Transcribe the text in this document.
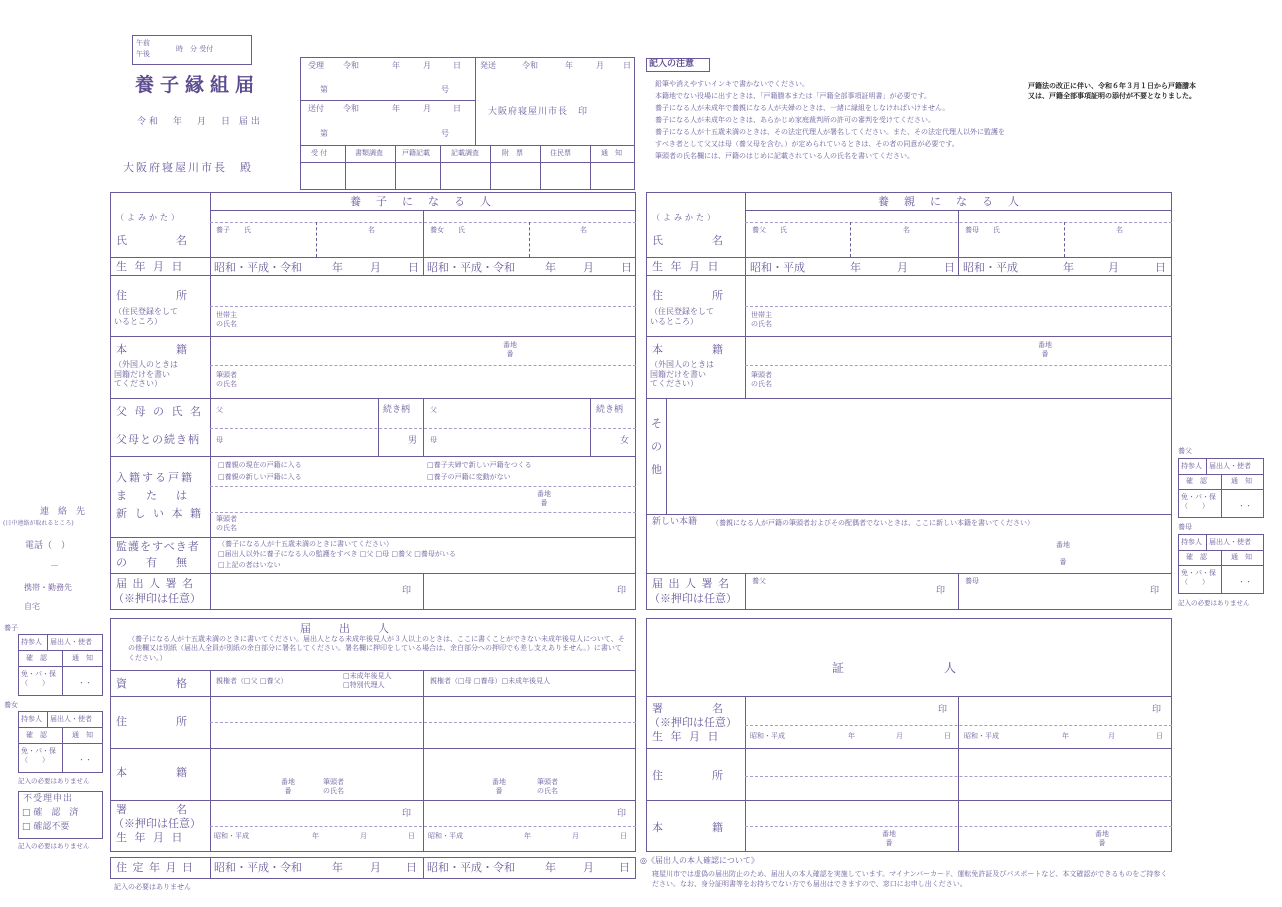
午前
午後
時　分 受付
養子縁組届
令和　年　月　日 届出
大阪府寝屋川市長　殿
受理 令和	年	月	日 発送	令和	年	月 日
第	号
送付 令和	年	月	日	大阪府寝屋川市長　印
第	号
受 付	書類調査	戸籍記載	記載調査	附　票	住民票	通　知
記入の注意
鉛筆や消えやすいインキで書かないでください。
本籍地でない役場に出すときは、「戸籍謄本または「戸籍全部事項証明書」が必要です。
養子になる人が未成年で養親になる人が夫婦のときは、一緒に縁組をしなければいけません。
養子になる人が未成年のときは、あらかじめ家庭裁判所の許可の審判を受けてください。
養子になる人が十五歳未満のときは、その法定代理人が署名してください。また、その法定代理人以外に監護を
すべき者として父又は母（養父母を含む。）が定められているときは、その者の同意が必要です。
筆頭者の氏名欄には、戸籍のはじめに記載されている人の氏名を書いてください。
戸籍法の改正に伴い、令和６年３月１日から戸籍謄本
又は、戸籍全部事項証明の添付が不要となりました。
養　子　に　な　る　人
（よみかた）
氏　　　名
養子　　氏	名	養女　　氏	名
生 年 月 日	昭和・平成・令和	年 月 日 昭和・平成・令和	年 月 日
住　　　所
（住民登録をして
いるところ）
世帯主
の氏名
本　　　籍
（外国人のときは
国籍だけを書い
てください）
番地
番
筆頭者
の氏名
父 母 の 氏 名
父母との続き柄
父	続き柄	父	続き柄
母	男 母	女
入籍する戸籍
ま　た　は
新 し い 本 籍
□養親の現在の戸籍に入る
□養親の新しい戸籍に入る
□養子夫婦で新しい戸籍をつくる
□養子の戸籍に変動がない
番地
番
筆頭者
の氏名
監護をすべき者
の　有　無
（養子になる人が十五歳未満のときに書いてください）
□届出人以外に養子になる人の監護をすべき □父 □母 □養父 □養母がいる
□上記の者はいない
届 出 人 署 名
（※押印は任意）
印	印
養　親　に　な　る　人
（よみかた）
氏　　　名
養父　　氏	名	養母　　氏	名
生 年 月 日	昭和・平成	年	月	日 昭和・平成	年	月	日
住　　　所
（住民登録をして
いるところ）
世帯主
の氏名
本　　　籍
（外国人のときは
国籍だけを書い
てください）
番地
番
筆頭者
の氏名
そ

の

他
新しい本籍 （養親になる人が戸籍の筆頭者およびその配偶者でないときは、ここに新しい本籍を書いてください）
番地

番
届 出 人 署 名
（※押印は任意）
養父	養母
印	印
届　　出　　人
（養子になる人が十五歳未満のときに書いてください。届出人となる未成年後見人が３人以上のときは、ここに書くことができない未成年後見人について、その他欄又は別紙（届出人全員が別紙の余白部分に署名してください。署名欄に押印をしている場合は、余白部分への押印でも差し支えありません。）に書いてください。）
資　　　格	親権者（□父 □養父）
□未成年後見人
□特別代理人
親権者（□母 □養母）□未成年後見人
住　　　所
本　　　籍
番地
番
筆頭者
の氏名
番地
番
筆頭者
の氏名
署　　　名
（※押印は任意）
生 年 月 日
印	印
昭和・平成	年	月	日 昭和・平成	年	月	日
住 定 年 月 日 昭和・平成・令和	年 月 日 昭和・平成・令和	年 月 日
記入の必要はありません
証　　　　　　人
署　　　名
（※押印は任意）
生 年 月 日
印	印
昭和・平成	年	月	日 昭和・平成	年	月	日
住　　　所
本　　　籍	番地
番
番地
番
◎《届出人の本人確認について》
寝屋川市では虚偽の届出防止のため、届出人の本人確認を実施しています。マイナンバーカード、運転免許証及びパスポートなど、本文確認ができるものをご持参ください。なお、身分証明書等をお持ちでない方でも届出はできますので、窓口にお申し出ください。
連　絡　先
(日中連絡が取れるところ)
電話（　）
－
携帯・勤務先
自宅
養子
持参人 届出人・使者
確　認	通　知
免・パ・保
（　　）	・・
養女
持参人 届出人・使者
確　認	通　知
免・パ・保
（　　）	・・
記入の必要はありません
不受理申出
□ 確　認　済
□ 確認不要
記入の必要はありません
養父
持参人 届出人・使者
確　認	通　知
免・パ・保
（　　）	・・
養母
持参人 届出人・使者
確　認	通　知
免・パ・保
（　　）	・・
記入の必要はありません
